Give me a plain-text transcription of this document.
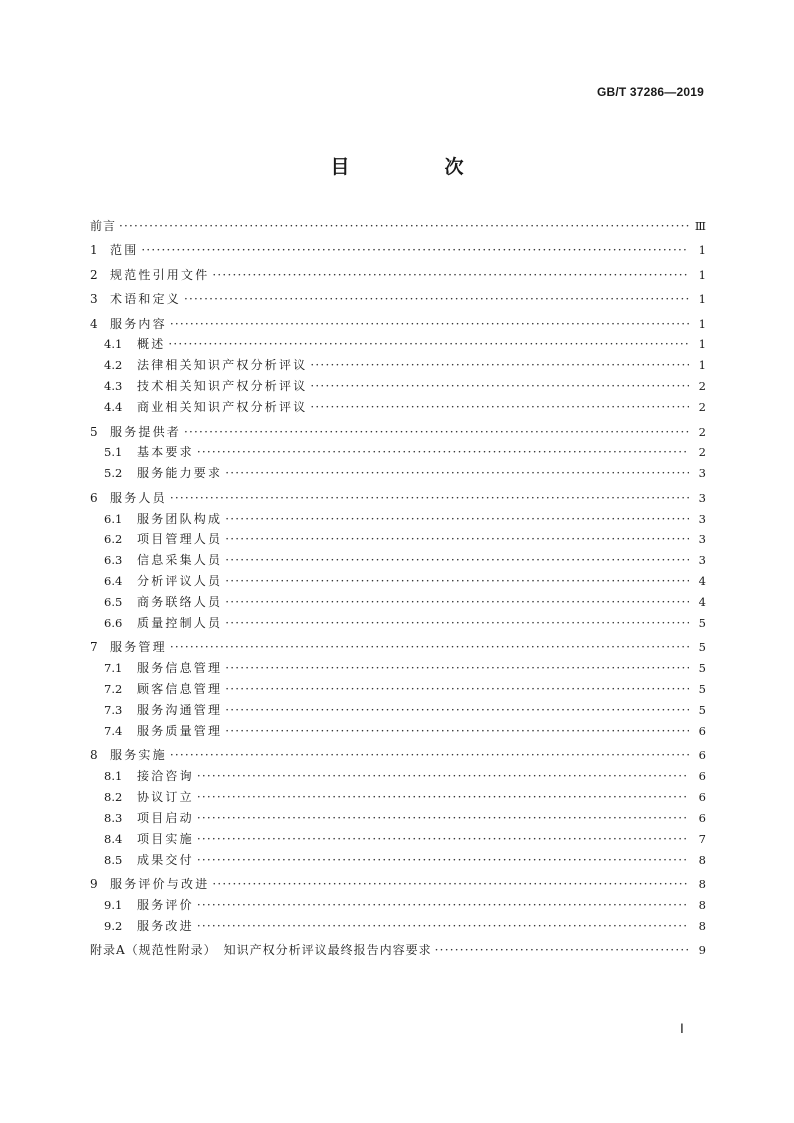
GB/T 37286—2019
目　次
前言 ·····	Ⅲ
1	范围 ·····	1
2	规范性引用文件 ·····	1
3	术语和定义 ·····	1
4	服务内容 ·····	1
4.1	概述 ·····	1
4.2	法律相关知识产权分析评议 ·····	1
4.3	技术相关知识产权分析评议 ·····	2
4.4	商业相关知识产权分析评议 ·····	2
5	服务提供者 ·····	2
5.1	基本要求 ·····	2
5.2	服务能力要求 ·····	3
6	服务人员 ·····	3
6.1	服务团队构成 ·····	3
6.2	项目管理人员 ·····	3
6.3	信息采集人员 ·····	3
6.4	分析评议人员 ·····	4
6.5	商务联络人员 ·····	4
6.6	质量控制人员 ·····	5
7	服务管理 ·····	5
7.1	服务信息管理 ·····	5
7.2	顾客信息管理 ·····	5
7.3	服务沟通管理 ·····	5
7.4	服务质量管理 ·····	6
8	服务实施 ·····	6
8.1	接洽咨询 ·····	6
8.2	协议订立 ·····	6
8.3	项目启动 ·····	6
8.4	项目实施 ·····	7
8.5	成果交付 ·····	8
9	服务评价与改进 ·····	8
9.1	服务评价 ·····	8
9.2	服务改进 ·····	8
附录A（规范性附录）　知识产权分析评议最终报告内容要求 ·····	9
Ⅰ
